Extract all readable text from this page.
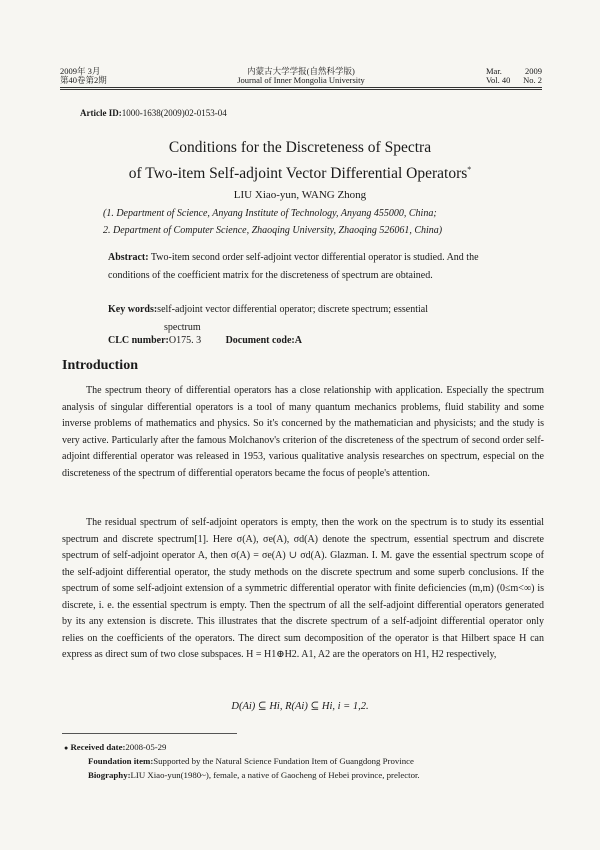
2009年 3月
第40卷第2期
内蒙古大学学报(自然科学版)
Journal of Inner Mongolia University
Mar.	2009
Vol. 40 No. 2
Article ID:1000-1638(2009)02-0153-04
Conditions for the Discreteness of Spectra
of Two-item Self-adjoint Vector Differential Operators*
LIU Xiao-yun, WANG Zhong
(1. Department of Science, Anyang Institute of Technology, Anyang 455000, China;
2. Department of Computer Science, Zhaoqing University, Zhaoqing 526061, China)
Abstract: Two-item second order self-adjoint vector differential operator is studied. And the conditions of the coefficient matrix for the discreteness of spectrum are obtained.
Key words:self-adjoint vector differential operator; discrete spectrum; essential
spectrum
CLC number:O175. 3 Document code:A
Introduction
The spectrum theory of differential operators has a close relationship with application. Especially the spectrum analysis of singular differential operators is a tool of many quantum mechanics problems, fluid stability and some inverse problems of mathematics and physics. So it's concerned by the mathematician and physicists; and the study is very active. Particularly after the famous Molchanov's criterion of the discreteness of the spectrum of second order self-adjoint differential operator was released in 1953, various qualitative analysis researches on spectrum, especial on the discreteness of the spectrum of differential operators became the focus of people's attention.
The residual spectrum of self-adjoint operators is empty, then the work on the spectrum is to study its essential spectrum and discrete spectrum[1]. Here σ(A), σe(A), σd(A) denote the spectrum, essential spectrum and discrete spectrum of self-adjoint operator A, then σ(A) = σe(A) ∪ σd(A). Glazman. I. M. gave the essential spectrum scope of the self-adjoint differential operator, the study methods on the discrete spectrum and some superb conclusions. If the spectrum of some self-adjoint extension of a symmetric differential operator with finite deficiencies (m,m) (0≤m<∞) is discrete, i. e. the essential spectrum is empty. Then the spectrum of all the self-adjoint differential operators generated by its any extension is discrete. This illustrates that the discrete spectrum of a self-adjoint differential operator only relies on the coefficients of the operators. The direct sum decomposition of the operator is that Hilbert space H can express as direct sum of two close subspaces. H = H1⊕H2. A1, A2 are the operators on H1, H2 respectively,
D(Ai) ⊆ Hi, R(Ai) ⊆ Hi, i = 1,2.
● Received date:2008-05-29
Foundation item:Supported by the Natural Science Fundation Item of Guangdong Province
Biography:LIU Xiao-yun(1980~), female, a native of Gaocheng of Hebei province, prelector.
